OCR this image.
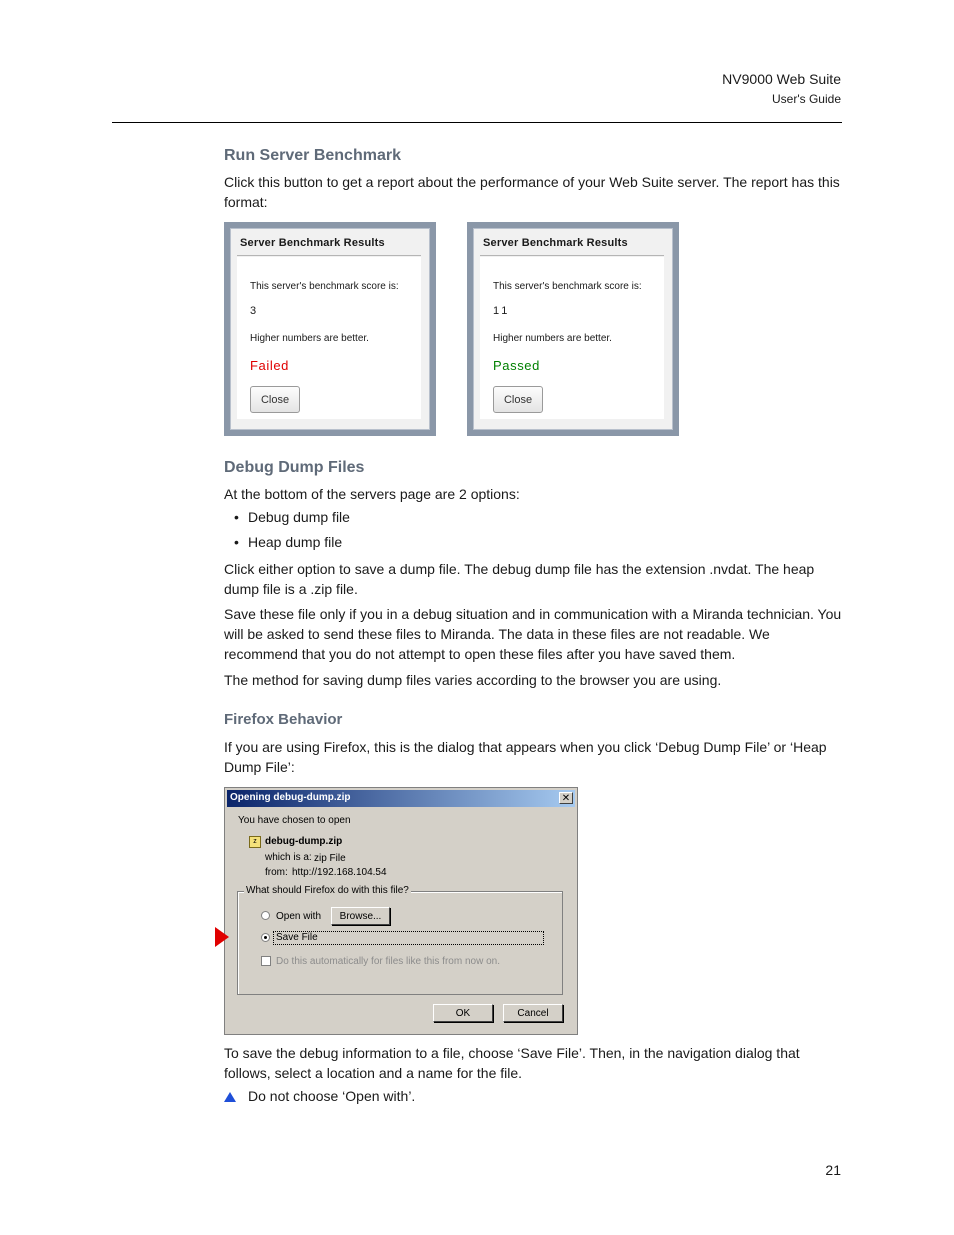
NV9000 Web Suite
User's Guide
Run Server Benchmark
Click this button to get a report about the performance of your Web Suite server. The report has this format:
Server Benchmark Results
This server's benchmark score is:
3
Higher numbers are better.
Failed
Close
Server Benchmark Results
This server's benchmark score is:
11
Higher numbers are better.
Passed
Close
Debug Dump Files
At the bottom of the servers page are 2 options:
• Debug dump file
• Heap dump file
Click either option to save a dump file. The debug dump file has the extension .nvdat. The heap dump file is a .zip file.
Save these file only if you in a debug situation and in communication with a Miranda technician. You will be asked to send these files to Miranda. The data in these files are not readable. We recommend that you do not attempt to open these files after you have saved them.
The method for saving dump files varies according to the browser you are using.
Firefox Behavior
If you are using Firefox, this is the dialog that appears when you click ‘Debug Dump File’ or ‘Heap Dump File’:
Opening debug-dump.zip	✕
You have chosen to open
z debug-dump.zip
which is a: zip File
from: http://192.168.104.54
What should Firefox do with this file?
Open with	Browse...
Save File
Do this automatically for files like this from now on.
OK	Cancel
To save the debug information to a file, choose ‘Save File’. Then, in the navigation dialog that follows, select a location and a name for the file.
Do not choose ‘Open with’.
21
